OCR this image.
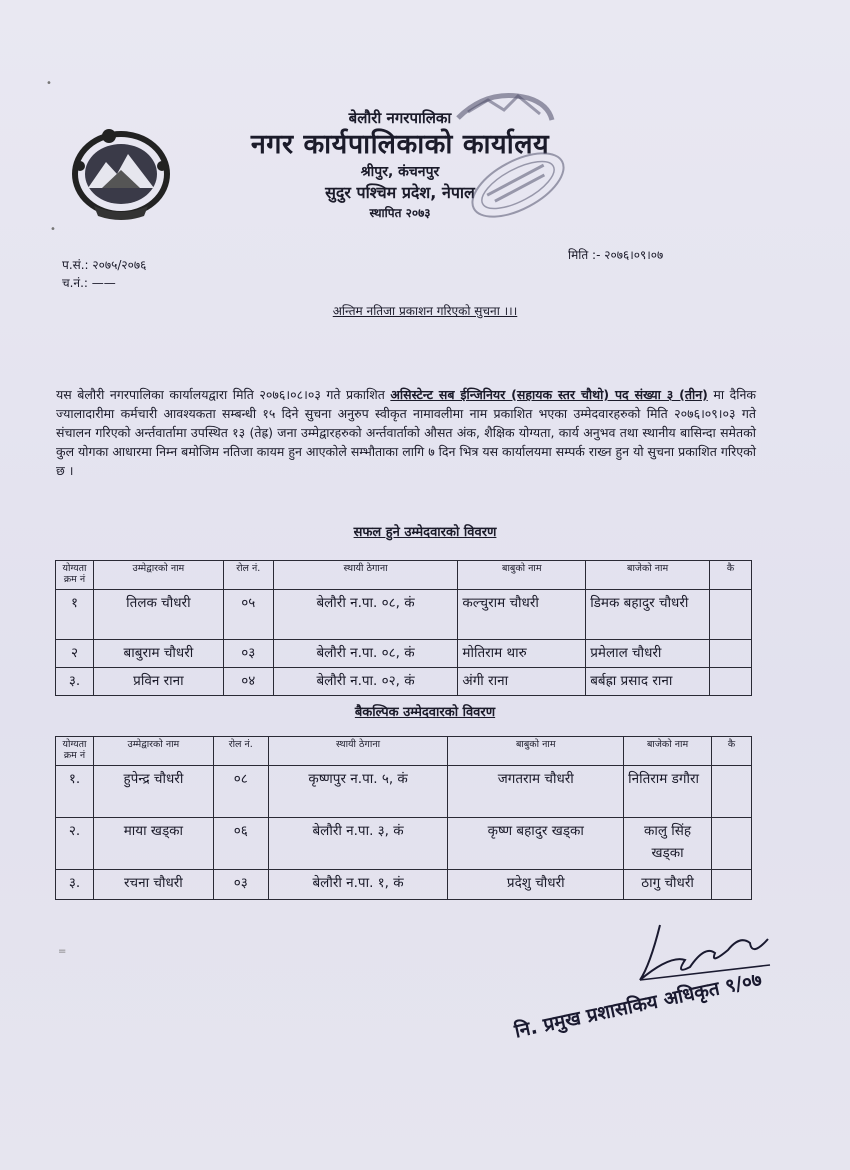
बेलौरी नगरपालिका
नगर कार्यपालिकाको कार्यालय
श्रीपुर, कंचनपुर
सुदुर पश्चिम प्रदेश, नेपाल
स्थापित २०७३
प.सं.: २०७५/२०७६
च.नं.: ——
मिति :- २०७६।०९।०७
अन्तिम नतिजा प्रकाशन गरिएको सुचना ।।।
यस बेलौरी नगरपालिका कार्यालयद्वारा मिति २०७६।०८।०३ गते प्रकाशित असिस्टेन्ट सब ईन्जिनियर (सहायक स्तर चौथो) पद संख्या ३ (तीन) मा दैनिक ज्यालादारीमा कर्मचारी आवश्यकता सम्बन्धी १५ दिने सुचना अनुरुप स्वीकृत नामावलीमा नाम प्रकाशित भएका उम्मेदवारहरुको मिति २०७६।०९।०३ गते संचालन गरिएको अर्न्तवार्तामा उपस्थित १३ (तेह्र) जना उम्मेद्वारहरुको अर्न्तवार्ताको औसत अंक, शैक्षिक योग्यता, कार्य अनुभव तथा स्थानीय बासिन्दा समेतको कुल योगका आधारमा निम्न बमोजिम नतिजा कायम हुन आएकोले सम्भौताका लागि ७ दिन भित्र यस कार्यालयमा सम्पर्क राख्न हुन यो सुचना प्रकाशित गरिएको छ ।
सफल हुने उम्मेदवारको विवरण
योग्यता क्रम नं	उम्मेद्वारको नाम	रोल नं.	स्थायी ठेगाना	बाबुको नाम	बाजेको नाम	कै
१	तिलक चौधरी	०५	बेलौरी न.पा. ०८, कं	कल्चुराम चौधरी	डिमक बहादुर चौधरी	
२	बाबुराम चौधरी	०३	बेलौरी न.पा. ०८, कं	मोतिराम थारु	प्रमेलाल चौधरी	
३.	प्रविन राना	०४	बेलौरी न.पा. ०२, कं	अंगी राना	बर्बह्रा प्रसाद राना	
बैकल्पिक उम्मेदवारको विवरण
योग्यता क्रम नं	उम्मेद्वारको नाम	रोल नं.	स्थायी ठेगाना	बाबुको नाम	बाजेको नाम	कै
१.	हुपेन्द्र चौधरी	०८	कृष्णपुर न.पा. ५, कं	जगतराम चौधरी	नितिराम डगौरा	
२.	माया खड्का	०६	बेलौरी न.पा. ३, कं	कृष्ण बहादुर खड्का	कालु सिंह खड्का	
३.	रचना चौधरी	०३	बेलौरी न.पा. १, कं	प्रदेशु चौधरी	ठागु चौधरी	
नि. प्रमुख प्रशासकिय अधिकृत ९/०७
•
•
=
